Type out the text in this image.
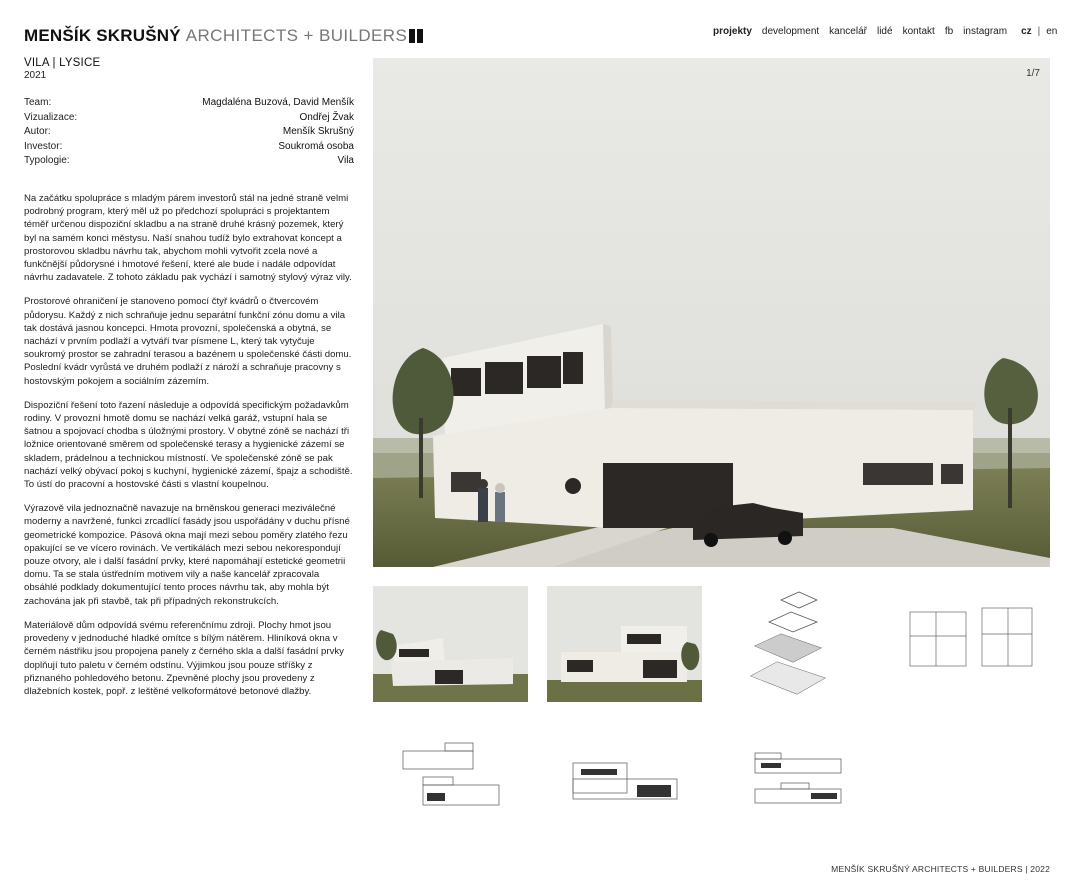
MENŠÍK SKRUŠNÝ ARCHITECTS + BUILDERS	projekty development kancelář lidé kontakt fb instagram cz | en
VILA | LYSICE
2021
Team:	Magdaléna Buzová, David Menšík
Vizualizace:	Ondřej Žvak
Autor:	Menšík Skrušný
Investor:	Soukromá osoba
Typologie:	Vila

Na začátku spolupráce s mladým párem investorů stál na jedné straně velmi podrobný program, který měl už po předchozí spolupráci s projektantem téměř určenou dispoziční skladbu a na straně druhé krásný pozemek, který byl na samém konci městysu. Naší snahou tudíž bylo extrahovat koncept a prostorovou skladbu návrhu tak, abychom mohli vytvořit zcela nové a funkčnější půdorysné i hmotové řešení, které ale bude i nadále odpovídat návrhu zadavatele. Z tohoto základu pak vychází i samotný stylový výraz vily.

Prostorové ohraničení je stanoveno pomocí čtyř kvádrů o čtvercovém půdorysu. Každý z nich schraňuje jednu separátní funkční zónu domu a vila tak dostává jasnou koncepci. Hmota provozní, společenská a obytná, se nachází v prvním podlaží a vytváří tvar písmene L, který tak vytyčuje soukromý prostor se zahradní terasou a bazénem u společenské části domu. Poslední kvádr vyrůstá ve druhém podlaží z nároží a schraňuje pracovny s hostovským pokojem a sociálním zázemím.

Dispoziční řešení toto řazení následuje a odpovídá specifickým požadavkům rodiny. V provozní hmotě domu se nachází velká garáž, vstupní hala se šatnou a spojovací chodba s úložnými prostory. V obytné zóně se nachází tři ložnice orientované směrem od společenské terasy a hygienické zázemí se skladem, prádelnou a technickou místností. Ve společenské zóně se pak nachází velký obývací pokoj s kuchyní, hygienické zázemí, špajz a schodiště. To ústí do pracovní a hostovské části s vlastní koupelnou.

Výrazově vila jednoznačně navazuje na brněnskou generaci meziválečné moderny a navržené, funkci zrcadlící fasády jsou uspořádány v duchu přísné geometrické kompozice. Pásová okna mají mezi sebou poměry zlatého řezu opakující se ve vícero rovinách. Ve vertikálách mezi sebou nekorespondují pouze otvory, ale i další fasádní prvky, které napomáhají estetické geometrii domu. Ta se stala ústředním motivem vily a naše kancelář zpracovala obsáhlé podklady dokumentující tento proces návrhu tak, aby mohla být zachována jak při stavbě, tak při případných rekonstrukcích.

Materiálově dům odpovídá svému referenčnímu zdroji. Plochy hmot jsou provedeny v jednoduché hladké omítce s bílým nátěrem. Hliníková okna v černém nástřiku jsou propojena panely z černého skla a další fasádní prvky doplňují tuto paletu v černém odstínu. Výjimkou jsou pouze stříšky z přiznaného pohledového betonu. Zpevněné plochy jsou provedeny z dlažebních kostek, popř. z leštěné velkoformátové betonové dlažby.

1/7
MENŠÍK SKRUŠNÝ ARCHITECTS + BUILDERS | 2022
